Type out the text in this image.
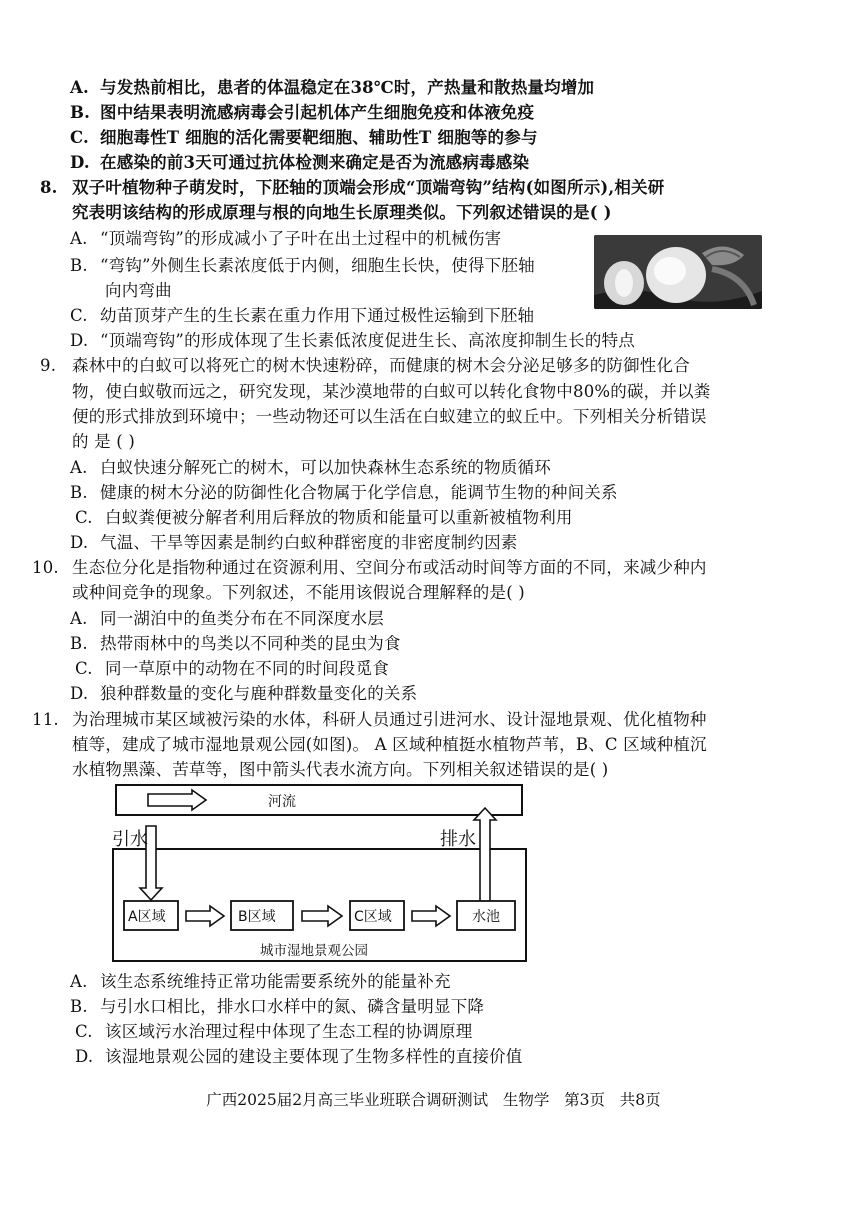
A. 与发热前相比，患者的体温稳定在38℃时，产热量和散热量均增加
B. 图中结果表明流感病毒会引起机体产生细胞免疫和体液免疫
C. 细胞毒性T 细胞的活化需要靶细胞、辅助性T 细胞等的参与
D. 在感染的前3天可通过抗体检测来确定是否为流感病毒感染
8. 双子叶植物种子萌发时，下胚轴的顶端会形成“顶端弯钩”结构(如图所示),相关研
究表明该结构的形成原理与根的向地生长原理类似。下列叙述错误的是( )
A. “顶端弯钩”的形成减小了子叶在出土过程中的机械伤害
B. “弯钩”外侧生长素浓度低于内侧，细胞生长快，使得下胚轴
向内弯曲
C. 幼苗顶芽产生的生长素在重力作用下通过极性运输到下胚轴
D. “顶端弯钩”的形成体现了生长素低浓度促进生长、高浓度抑制生长的特点
9. 森林中的白蚁可以将死亡的树木快速粉碎，而健康的树木会分泌足够多的防御性化合
物，使白蚁敬而远之，研究发现，某沙漠地带的白蚁可以转化食物中80%的碳，并以粪
便的形式排放到环境中；一些动物还可以生活在白蚁建立的蚁丘中。下列相关分析错误
的 是 ( )
A. 白蚁快速分解死亡的树木，可以加快森林生态系统的物质循环
B. 健康的树木分泌的防御性化合物属于化学信息，能调节生物的种间关系
C. 白蚁粪便被分解者利用后释放的物质和能量可以重新被植物利用
D. 气温、干旱等因素是制约白蚁种群密度的非密度制约因素
10. 生态位分化是指物种通过在资源利用、空间分布或活动时间等方面的不同，来减少种内
或种间竞争的现象。下列叙述，不能用该假说合理解释的是( )
A. 同一湖泊中的鱼类分布在不同深度水层
B. 热带雨林中的鸟类以不同种类的昆虫为食
C. 同一草原中的动物在不同的时间段觅食
D. 狼种群数量的变化与鹿种群数量变化的关系
11. 为治理城市某区域被污染的水体，科研人员通过引进河水、设计湿地景观、优化植物种
植等，建成了城市湿地景观公园(如图)。 A 区域种植挺水植物芦苇，B、C 区域种植沉
水植物黑藻、苦草等，图中箭头代表水流方向。下列相关叙述错误的是( )
河流
引水	排水
A区域	B区域	C区域	水池
城市湿地景观公园
A. 该生态系统维持正常功能需要系统外的能量补充
B. 与引水口相比，排水口水样中的氮、磷含量明显下降
C. 该区域污水治理过程中体现了生态工程的协调原理
D. 该湿地景观公园的建设主要体现了生物多样性的直接价值
广西2025届2月高三毕业班联合调研测试   生物学   第3页   共8页
